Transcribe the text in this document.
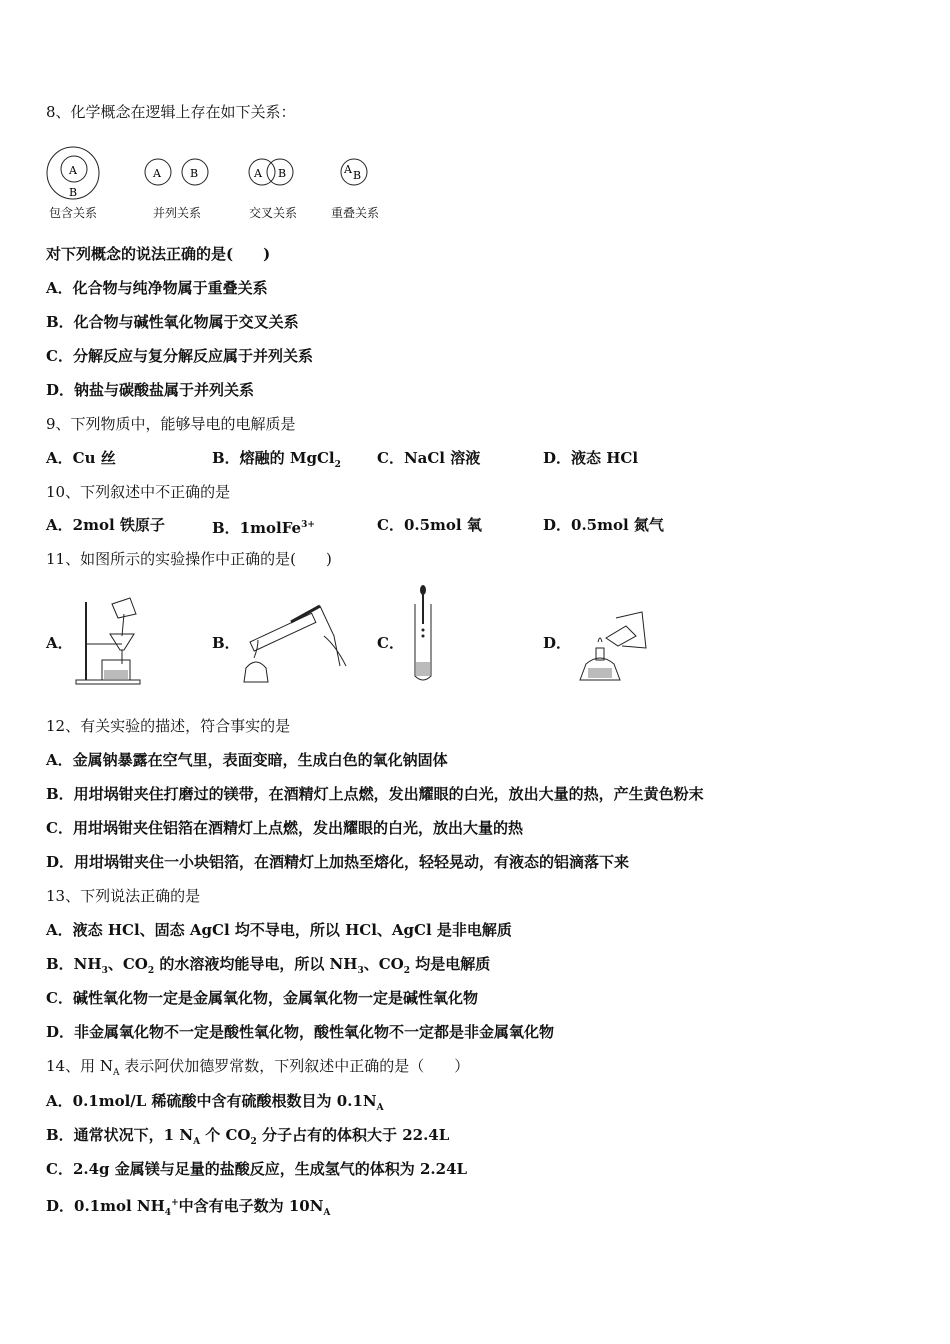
8、化学概念在逻辑上存在如下关系：
A
B
A	B	A B	A B
包含关系	并列关系	交叉关系	重叠关系
对下列概念的说法正确的是(　　)
A．化合物与纯净物属于重叠关系
B．化合物与碱性氧化物属于交叉关系
C．分解反应与复分解反应属于并列关系
D．钠盐与碳酸盐属于并列关系
9、下列物质中，能够导电的电解质是
A．Cu 丝	B．熔融的 MgCl$_2$ C．NaCl 溶液	D．液态 HCl
10、下列叙述中不正确的是
A．2mol 铁原子	B．1molFe$^{3+}$	C．0.5mol 氧	D．0.5mol 氮气
11、如图所示的实验操作中正确的是(　　)
A．	B．	C．	D．
12、有关实验的描述，符合事实的是
A．金属钠暴露在空气里，表面变暗，生成白色的氧化钠固体
B．用坩埚钳夹住打磨过的镁带，在酒精灯上点燃，发出耀眼的白光，放出大量的热，产生黄色粉末
C．用坩埚钳夹住铝箔在酒精灯上点燃，发出耀眼的白光，放出大量的热
D．用坩埚钳夹住一小块铝箔，在酒精灯上加热至熔化，轻轻晃动，有液态的铝滴落下来
13、下列说法正确的是
A．液态 HCl、固态 AgCl 均不导电，所以 HCl、AgCl 是非电解质
B．$NH_3$、$CO_2$ 的水溶液均能导电，所以 $NH_3$、$CO_2$ 均是电解质
C．碱性氧化物一定是金属氧化物，金属氧化物一定是碱性氧化物
D．非金属氧化物不一定是酸性氧化物，酸性氧化物不一定都是非金属氧化物
14、用 $N_A$ 表示阿伏加德罗常数，下列叙述中正确的是（　　）
A．0.1mol/L 稀硫酸中含有硫酸根数目为 $0.1N_A$
B．通常状况下，1 $N_A$ 个 $CO_2$ 分子占有的体积大于 22.4L
C．2.4g 金属镁与足量的盐酸反应，生成氢气的体积为 2.24L
D．0.1mol $NH_4^+$中含有电子数为 $10N_A$
